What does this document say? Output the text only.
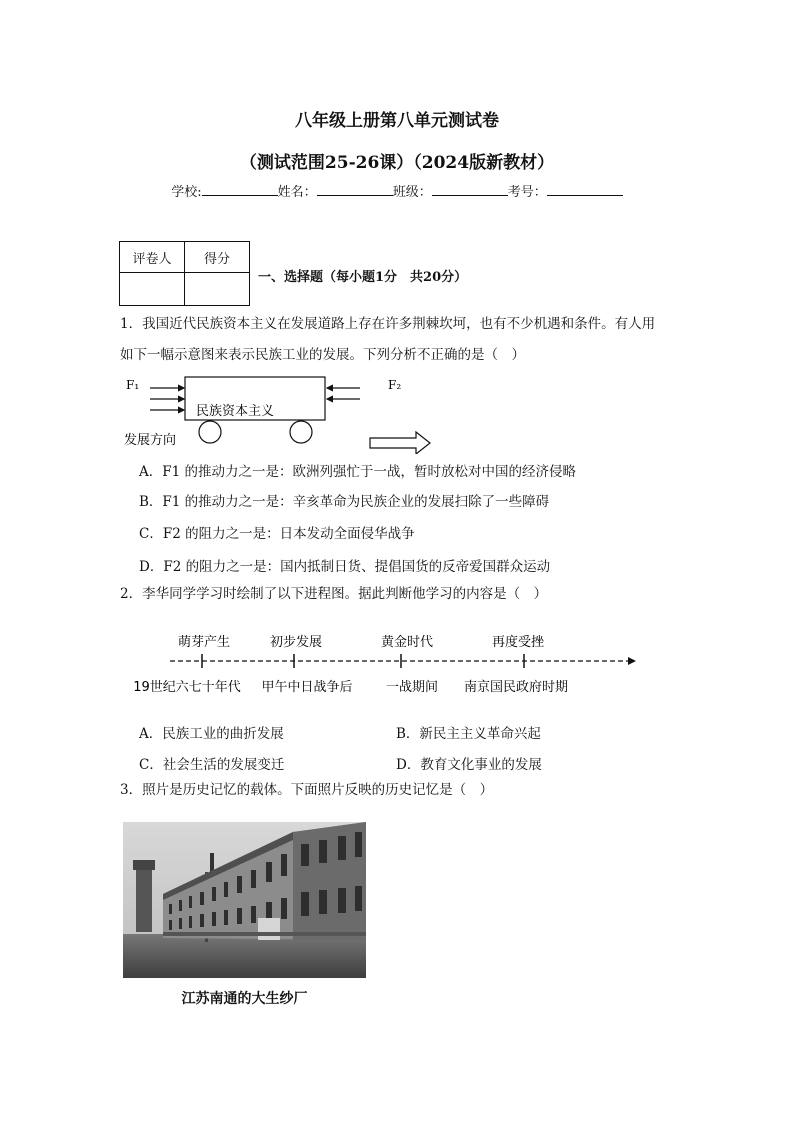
八年级上册第八单元测试卷
（测试范围25-26课）（2024版新教材）
学校:	姓名：	班级：	考号：
评卷人	得分

一、选择题（每小题1分　共20分）
1．我国近代民族资本主义在发展道路上存在许多荆棘坎坷，也有不少机遇和条件。有人用
如下一幅示意图来表示民族工业的发展。下列分析不正确的是（　）
F₁	F₂
民族资本主义
发展方向
A．F1 的推动力之一是：欧洲列强忙于一战，暂时放松对中国的经济侵略
B．F1 的推动力之一是：辛亥革命为民族企业的发展扫除了一些障碍
C．F2 的阻力之一是：日本发动全面侵华战争
D．F2 的阻力之一是：国内抵制日货、提倡国货的反帝爱国群众运动
2．李华同学学习时绘制了以下进程图。据此判断他学习的内容是（　）
萌芽产生	初步发展	黄金时代	再度受挫
19世纪六七十年代 甲午中日战争后	一战期间 南京国民政府时期
A．民族工业的曲折发展	B．新民主主义革命兴起
C．社会生活的发展变迁	D．教育文化事业的发展
3．照片是历史记忆的载体。下面照片反映的历史记忆是（　）
江苏南通的大生纱厂
